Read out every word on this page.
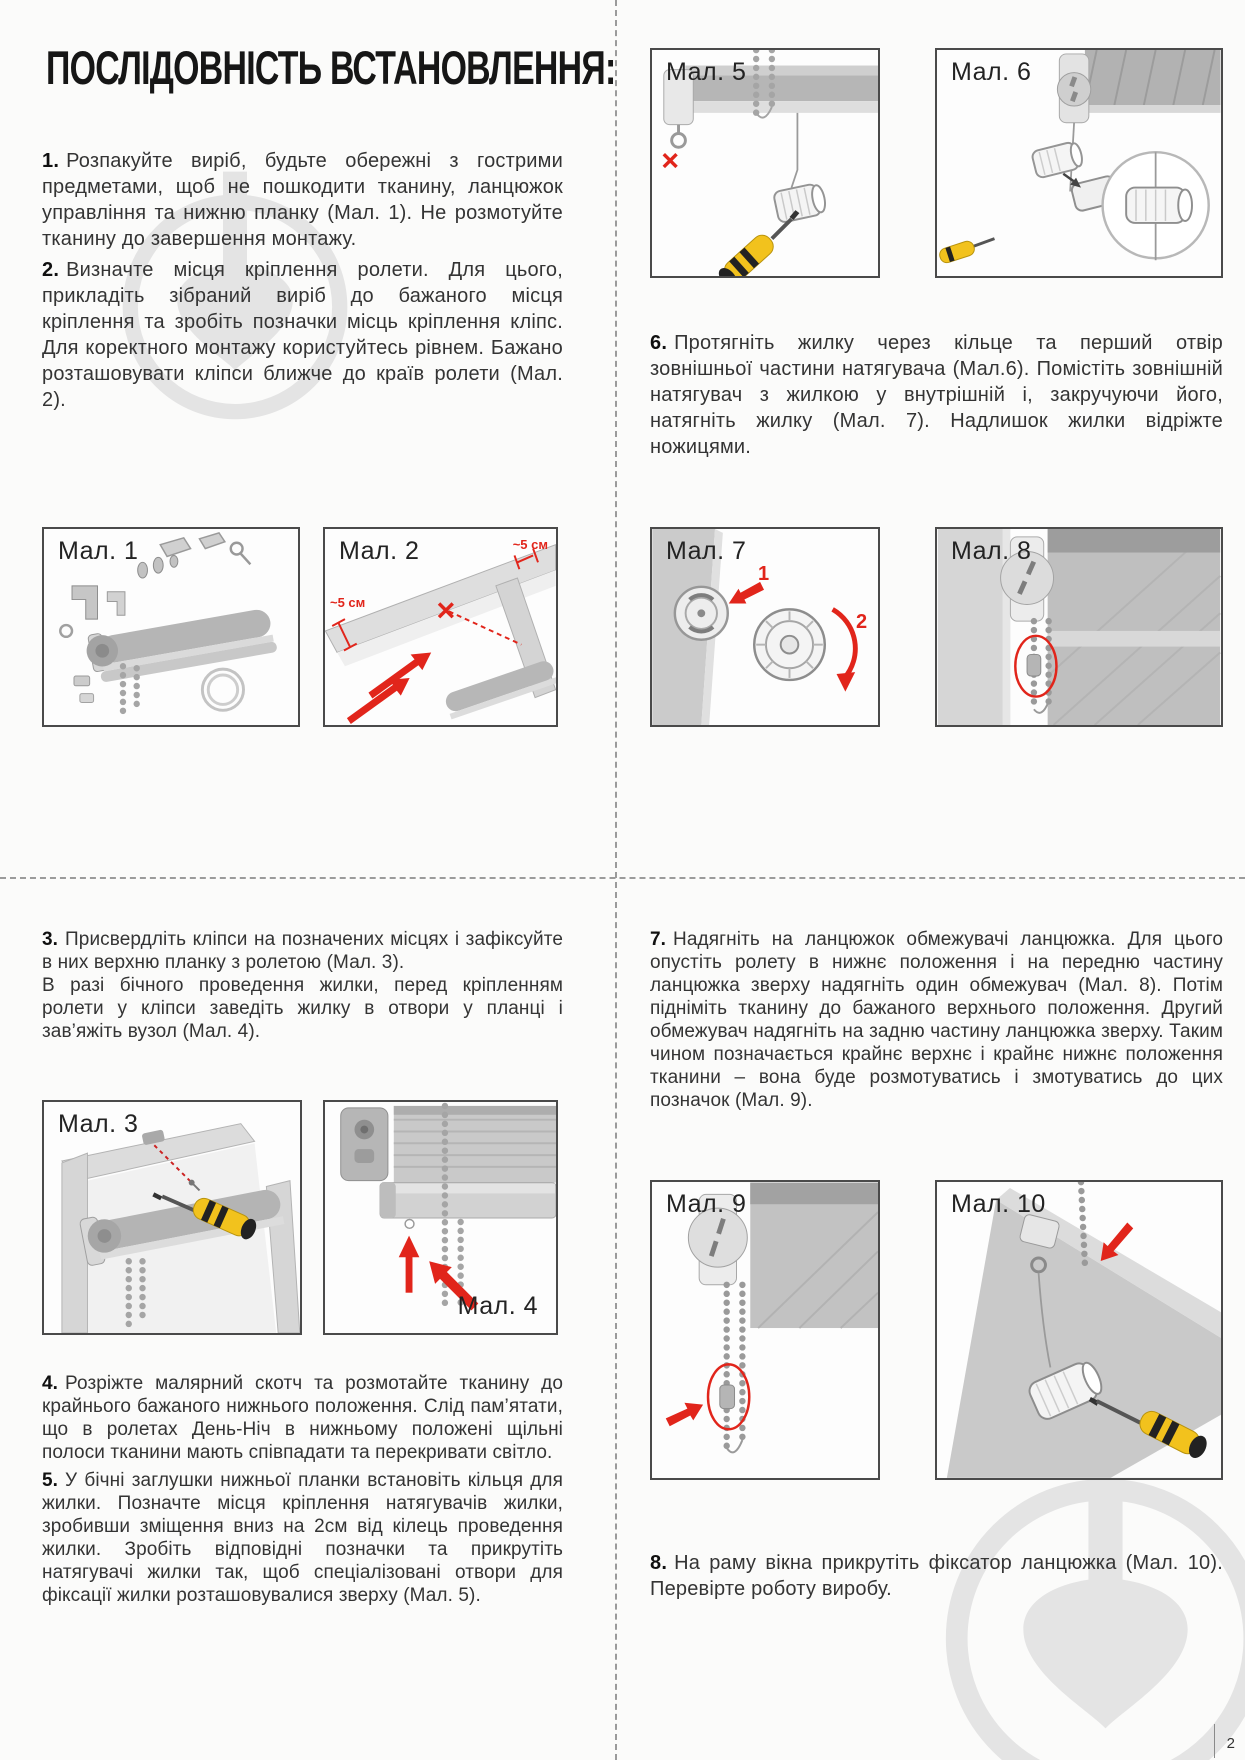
ПОСЛІДОВНІСТЬ ВСТАНОВЛЕННЯ:

1. Розпакуйте виріб, будьте обережні з гострими предметами, щоб не пошкодити тканину, ланцюжок управління та нижню планку (Мал. 1). Не розмотуйте тканину до завершення монтажу.

2. Визначте місця кріплення ролети. Для цього, прикладіть зібраний виріб до бажаного місця кріплення та зробіть позначки місць кріплення кліпс. Для коректного монтажу користуйтесь рівнем. Бажано розташовувати кліпси ближче до країв ролети (Мал. 2).

6. Протягніть жилку через кільце та перший отвір зовнішньої частини натягувача (Мал.6). Помістіть зовнішній натягувач з жилкою у внутрішній і, закручуючи його, натягніть жилку (Мал. 7). Надлишок жилки відріжте ножицями.

3. Присвердліть кліпси на позначених місцях і зафіксуйте в них верхню планку з ролетою (Мал. 3).

В разі бічного проведення жилки, перед кріпленням ролети у кліпси заведіть жилку в отвори у планці і зав’яжіть вузол (Мал. 4).

4. Розріжте малярний скотч та розмотайте тканину до крайнього бажаного нижнього положення. Слід пам’ятати, що в ролетах День-Ніч в нижньому положені щільні полоси тканини мають співпадати та перекривати світло.

5. У бічні заглушки нижньої планки встановіть кільця для жилки. Позначте місця кріплення натягувачів жилки, зробивши зміщення вниз на 2см від кілець проведення жилки. Зробіть відповідні позначки та прикрутіть натягувачі жилки так, щоб спеціалізовані отвори для фіксації жилки розташовувалися зверху (Мал. 5).

7. Надягніть на ланцюжок обмежувачі ланцюжка. Для цього опустіть ролету в нижнє положення і на передню частину ланцюжка зверху надягніть один обмежувач (Мал. 8). Потім підніміть тканину до бажаного верхнього положення. Другий обмежувач надягніть на задню частину ланцюжка зверху. Таким чином позначається крайнє верхнє і крайнє нижнє положення тканини – вона буде розмотуватись і змотуватись до цих позначок (Мал. 9).

8. На раму вікна прикрутіть фіксатор ланцюжка (Мал. 10). Перевірте роботу виробу.

Мал. 1	Мал. 2	~5 см
~5 см
Мал. 3
Мал. 4
Мал. 5	Мал. 6
Мал. 7
1
2
Мал. 8
Мал. 9	Мал. 10
2
